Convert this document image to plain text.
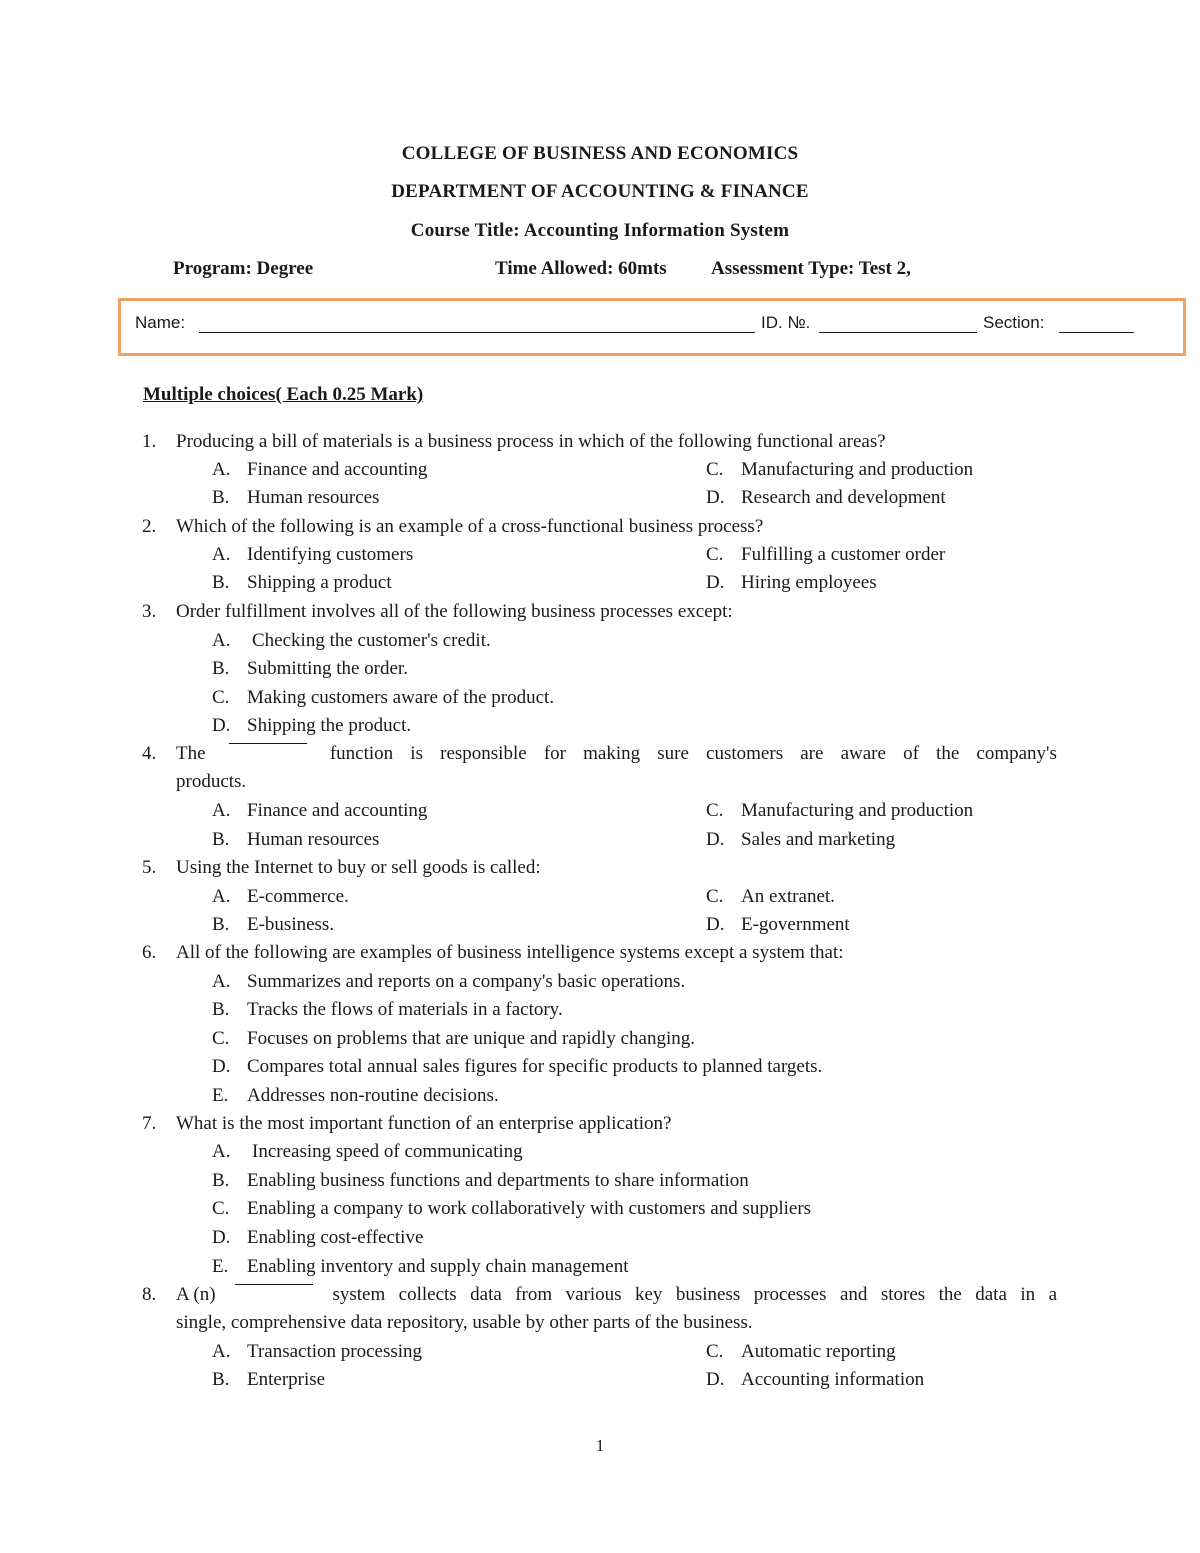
COLLEGE OF BUSINESS AND ECONOMICS
DEPARTMENT OF ACCOUNTING & FINANCE
Course Title: Accounting Information System
Program: Degree	Time Allowed: 60mts Assessment Type: Test 2,
Name:	ID. №.	Section:
Multiple choices( Each 0.25 Mark)
1. Producing a bill of materials is a business process in which of the following functional areas?
A. Finance and accounting
B. Human resources
C. Manufacturing and production
D. Research and development
2. Which of the following is an example of a cross-functional business process?
A. Identifying customers
B. Shipping a product
C. Fulfilling a customer order
D. Hiring employees
3. Order fulfillment involves all of the following business processes except:
A. Checking the customer's credit.
B. Submitting the order.
C. Making customers aware of the product.
D. Shipping the product.
4. The	function is responsible for making sure customers are aware of the company's
products.
A. Finance and accounting
B. Human resources
C. Manufacturing and production
D. Sales and marketing
5. Using the Internet to buy or sell goods is called:
A. E-commerce.
B. E-business.
C. An extranet.
D. E-government
6. All of the following are examples of business intelligence systems except a system that:
A. Summarizes and reports on a company's basic operations.
B. Tracks the flows of materials in a factory.
C. Focuses on problems that are unique and rapidly changing.
D. Compares total annual sales figures for specific products to planned targets.
E. Addresses non-routine decisions.
7. What is the most important function of an enterprise application?
A. Increasing speed of communicating
B. Enabling business functions and departments to share information
C. Enabling a company to work collaboratively with customers and suppliers
D. Enabling cost-effective
E. Enabling inventory and supply chain management
8. A (n)	system collects data from various key business processes and stores the data in a
single, comprehensive data repository, usable by other parts of the business.
A. Transaction processing
B. Enterprise
C. Automatic reporting
D. Accounting information
1
